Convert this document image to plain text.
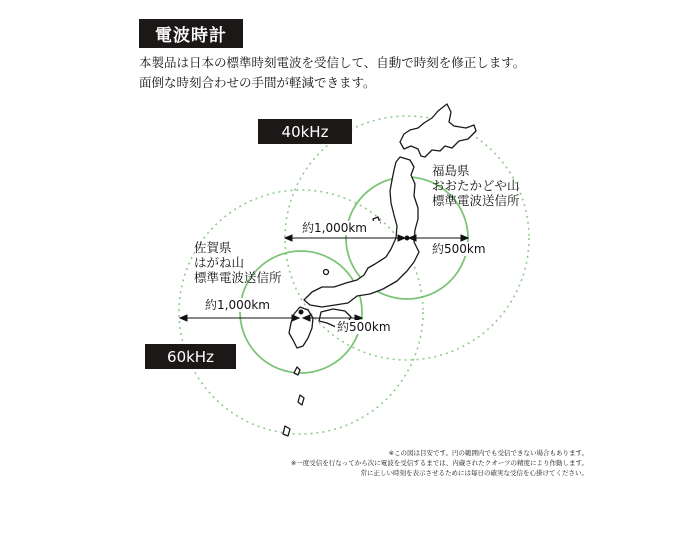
電波時計
本製品は日本の標準時刻電波を受信して、自動で時刻を修正します。
面倒な時刻合わせの手間が軽減できます。
約1,000km
約500km
約1,000km
約500km
40kHz
60kHz
福島県
おおたかどや山
標準電波送信所
佐賀県
はがね山
標準電波送信所
※この図は目安です。円の範囲内でも受信できない場合もあります。
※一度受信を行なってから次に電波を受信するまでは、内蔵されたクオーツの精度により作動します。
常に正しい時刻を表示させるためには毎日の確実な受信を心掛けてください。
